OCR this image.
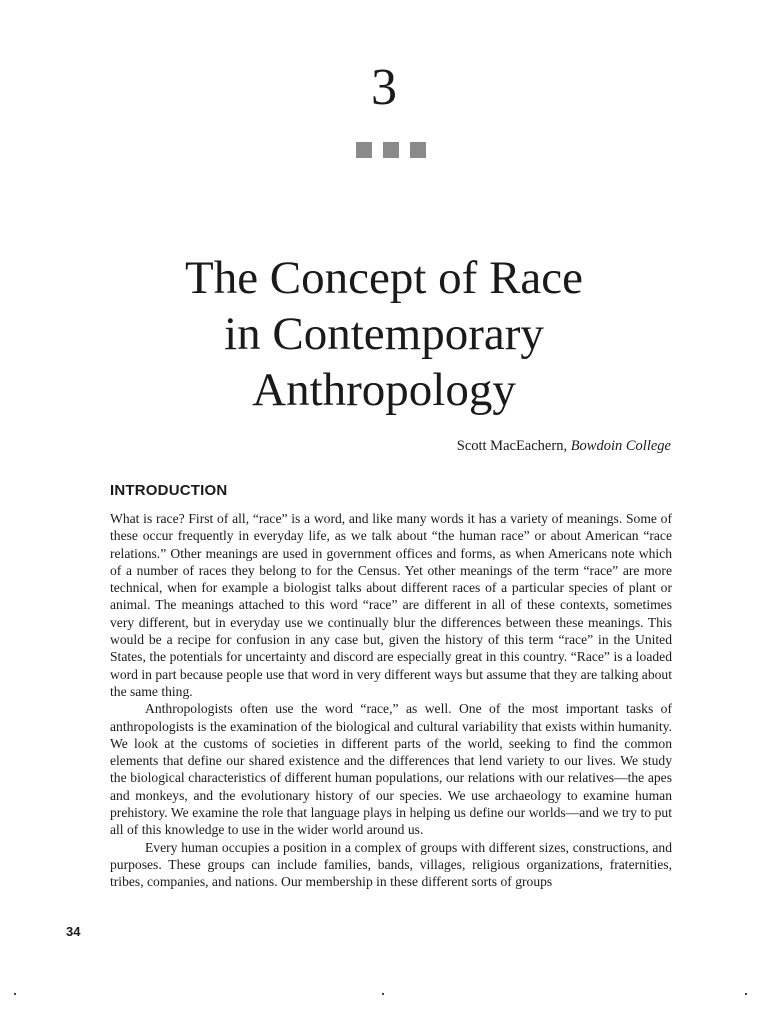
3
The Concept of Race
in Contemporary
Anthropology
Scott MacEachern, Bowdoin College
INTRODUCTION

What is race? First of all, “race” is a word, and like many words it has a variety of meanings. Some of these occur frequently in everyday life, as we talk about “the human race” or about American “race relations.” Other meanings are used in government offices and forms, as when Americans note which of a number of races they belong to for the Census. Yet other meanings of the term “race” are more technical, when for example a biologist talks about different races of a particular species of plant or animal. The meanings attached to this word “race” are different in all of these contexts, sometimes very different, but in everyday use we continually blur the differences between these meanings. This would be a recipe for confusion in any case but, given the history of this term “race” in the United States, the potentials for uncertainty and discord are especially great in this country. “Race” is a loaded word in part because people use that word in very different ways but assume that they are talking about the same thing.

Anthropologists often use the word “race,” as well. One of the most important tasks of anthropologists is the examination of the biological and cultural variability that exists within humanity. We look at the customs of societies in different parts of the world, seeking to find the common elements that define our shared existence and the differences that lend variety to our lives. We study the biological characteristics of different human populations, our relations with our relatives—the apes and monkeys, and the evolutionary history of our species. We use archaeology to examine human prehistory. We examine the role that language plays in helping us define our worlds—and we try to put all of this knowledge to use in the wider world around us.

Every human occupies a position in a complex of groups with different sizes, constructions, and purposes. These groups can include families, bands, villages, religious organizations, fraternities, tribes, companies, and nations. Our membership in these different sorts of groups

34
